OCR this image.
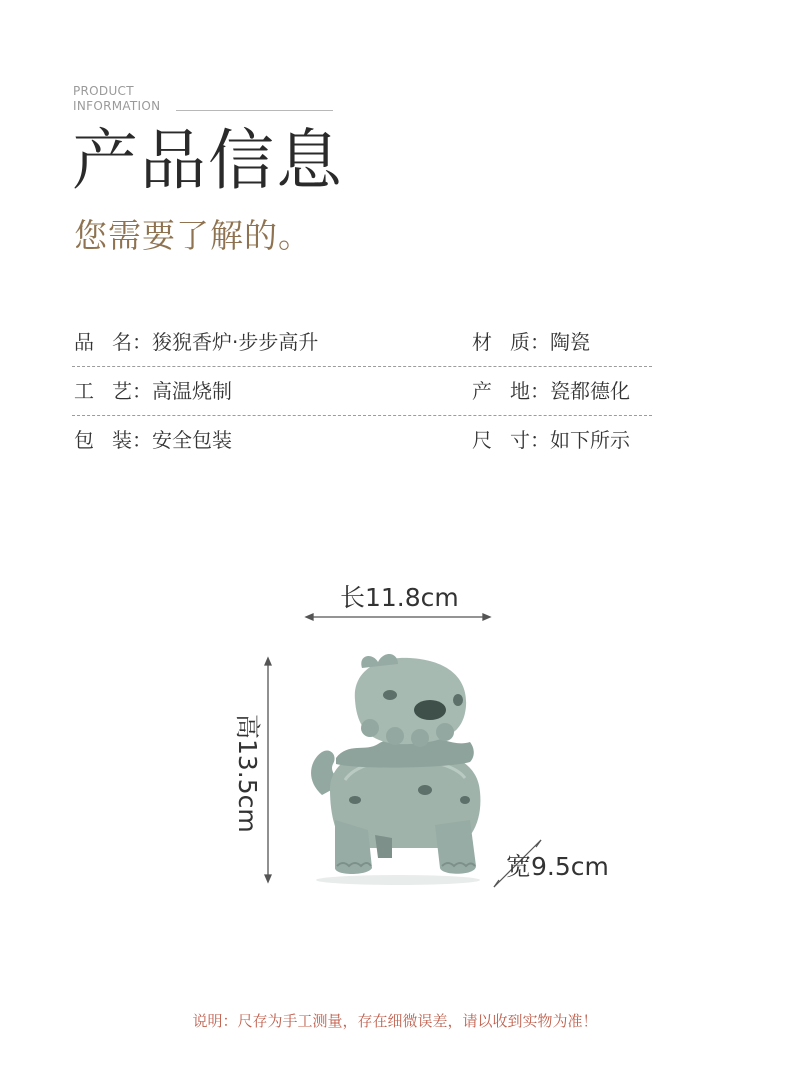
PRODUCT
INFORMATION
产品信息
您需要了解的。
品 名：狻猊香炉·步步高升	材 质：陶瓷
工 艺：高温烧制	产 地：瓷都德化
包 装：安全包装	尺 寸：如下所示
长11.8cm
高13.5cm
宽9.5cm
说明：尺存为手工测量，存在细微误差，请以收到实物为准！
